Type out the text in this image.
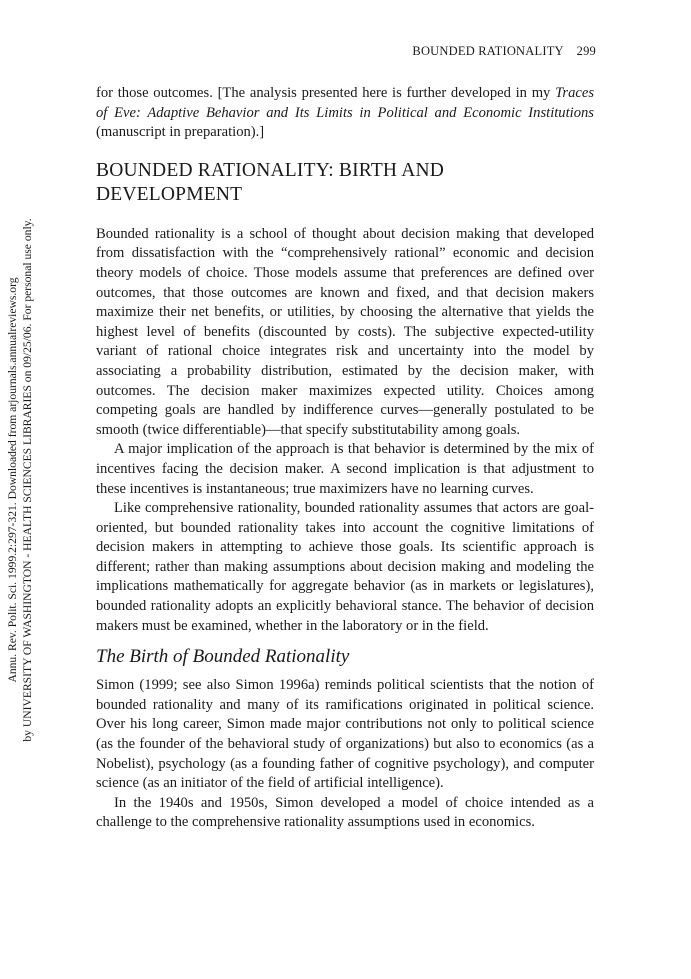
BOUNDED RATIONALITY 299
Annu. Rev. Polit. Sci. 1999.2:297-321. Downloaded from arjournals.annualreviews.org by UNIVERSITY OF WASHINGTON - HEALTH SCIENCES LIBRARIES on 09/25/06. For personal use only.

for those outcomes. [The analysis presented here is further developed in my Traces of Eve: Adaptive Behavior and Its Limits in Political and Economic Institutions (manuscript in preparation).]

BOUNDED RATIONALITY: BIRTH AND DEVELOPMENT

Bounded rationality is a school of thought about decision making that developed from dissatisfaction with the “comprehensively rational” economic and decision theory models of choice. Those models assume that preferences are defined over outcomes, that those outcomes are known and fixed, and that decision makers maximize their net benefits, or utilities, by choosing the alternative that yields the highest level of benefits (discounted by costs). The subjective expected-utility variant of rational choice integrates risk and uncertainty into the model by associating a probability distribution, estimated by the decision maker, with outcomes. The decision maker maximizes expected utility. Choices among competing goals are handled by indifference curves—generally postulated to be smooth (twice differentiable)—that specify substitutability among goals.

A major implication of the approach is that behavior is determined by the mix of incentives facing the decision maker. A second implication is that adjustment to these incentives is instantaneous; true maximizers have no learning curves.

Like comprehensive rationality, bounded rationality assumes that actors are goal-oriented, but bounded rationality takes into account the cognitive limitations of decision makers in attempting to achieve those goals. Its scientific approach is different; rather than making assumptions about decision making and modeling the implications mathematically for aggregate behavior (as in markets or legislatures), bounded rationality adopts an explicitly behavioral stance. The behavior of decision makers must be examined, whether in the laboratory or in the field.

The Birth of Bounded Rationality

Simon (1999; see also Simon 1996a) reminds political scientists that the notion of bounded rationality and many of its ramifications originated in political science. Over his long career, Simon made major contributions not only to political science (as the founder of the behavioral study of organizations) but also to economics (as a Nobelist), psychology (as a founding father of cognitive psychology), and computer science (as an initiator of the field of artificial intelligence).

In the 1940s and 1950s, Simon developed a model of choice intended as a challenge to the comprehensive rationality assumptions used in economics.
